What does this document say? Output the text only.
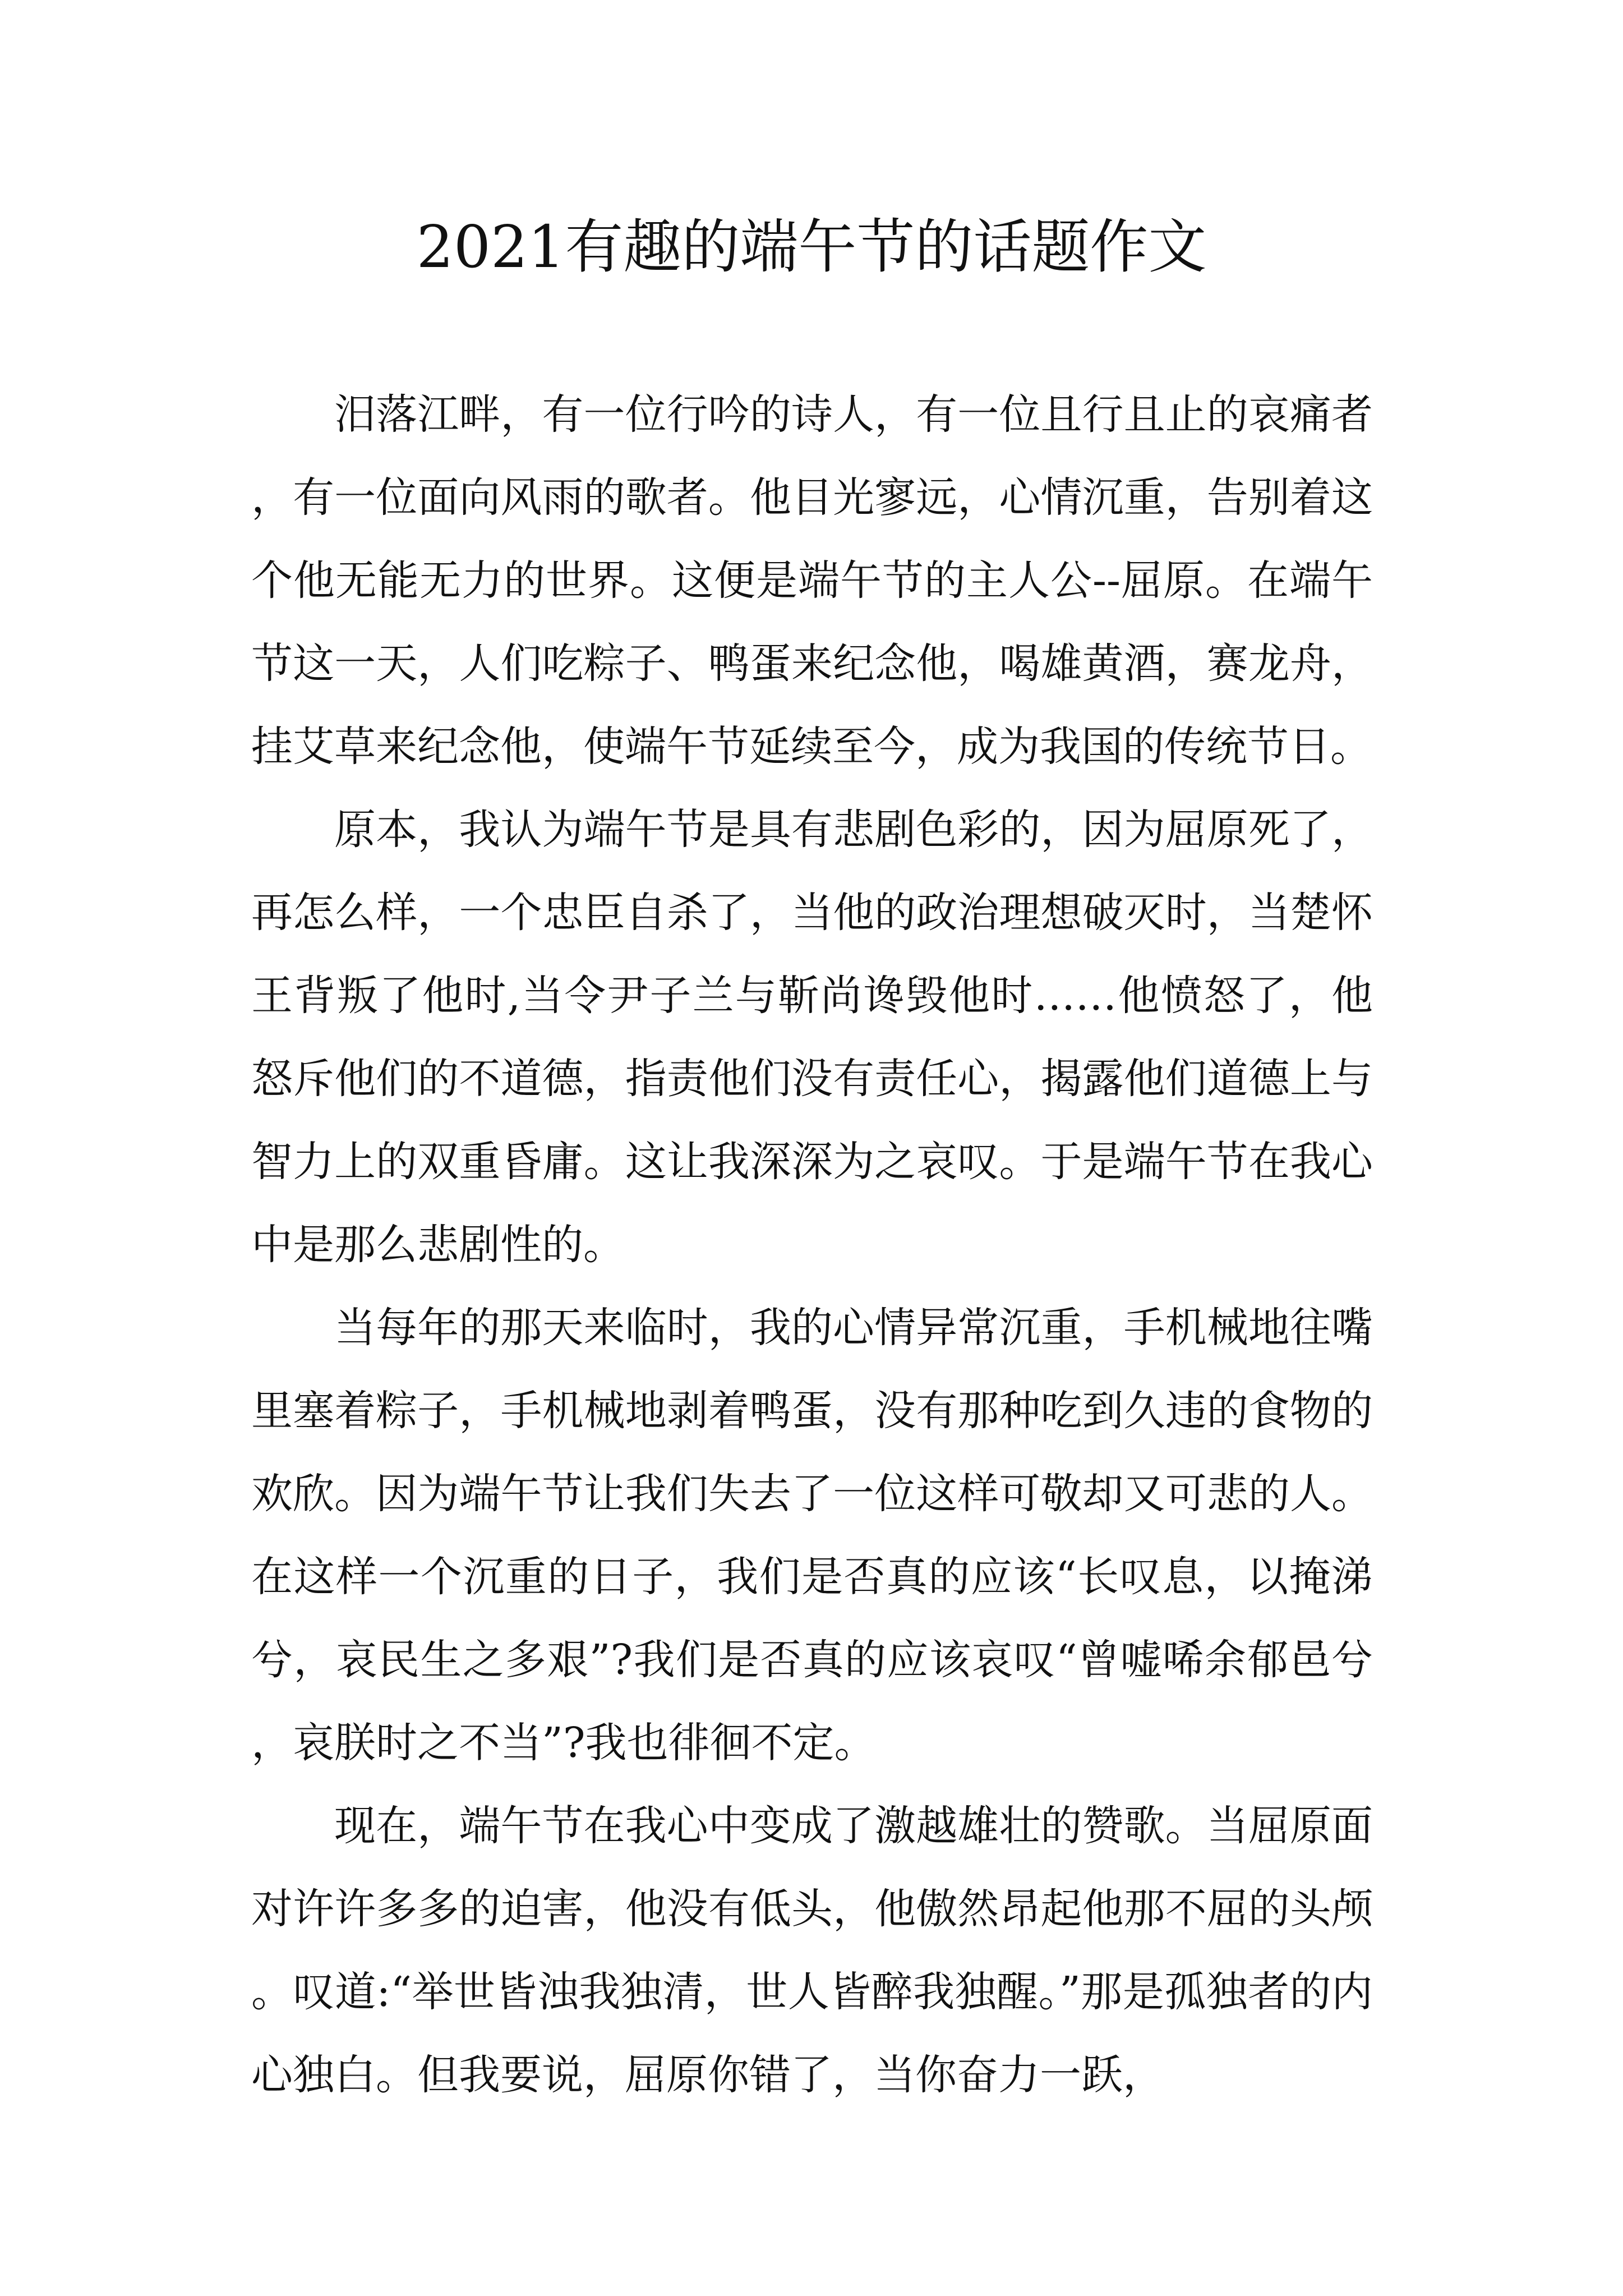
2021有趣的端午节的话题作文

汨落江畔，有一位行吟的诗人，有一位且行且止的哀痛者，有一位面向风雨的歌者。他目光寥远，心情沉重，告别着这个他无能无力的世界。这便是端午节的主人公--屈原。在端午节这一天，人们吃粽子、鸭蛋来纪念他，喝雄黄酒，赛龙舟，挂艾草来纪念他，使端午节延续至今，成为我国的传统节日。

原本，我认为端午节是具有悲剧色彩的，因为屈原死了，再怎么样，一个忠臣自杀了，当他的政治理想破灭时，当楚怀王背叛了他时,当令尹子兰与靳尚谗毁他时……他愤怒了，他怒斥他们的不道德，指责他们没有责任心，揭露他们道德上与智力上的双重昏庸。这让我深深为之哀叹。于是端午节在我心中是那么悲剧性的。

当每年的那天来临时，我的心情异常沉重，手机械地往嘴里塞着粽子，手机械地剥着鸭蛋，没有那种吃到久违的食物的欢欣。因为端午节让我们失去了一位这样可敬却又可悲的人。在这样一个沉重的日子，我们是否真的应该“长叹息，以掩涕兮，哀民生之多艰”?我们是否真的应该哀叹“曾嘘唏余郁邑兮，哀朕时之不当”?我也徘徊不定。

现在，端午节在我心中变成了激越雄壮的赞歌。当屈原面对许许多多的迫害，他没有低头，他傲然昂起他那不屈的头颅。叹道:“举世皆浊我独清，世人皆醉我独醒。”那是孤独者的内心独白。但我要说，屈原你错了，当你奋力一跃，
